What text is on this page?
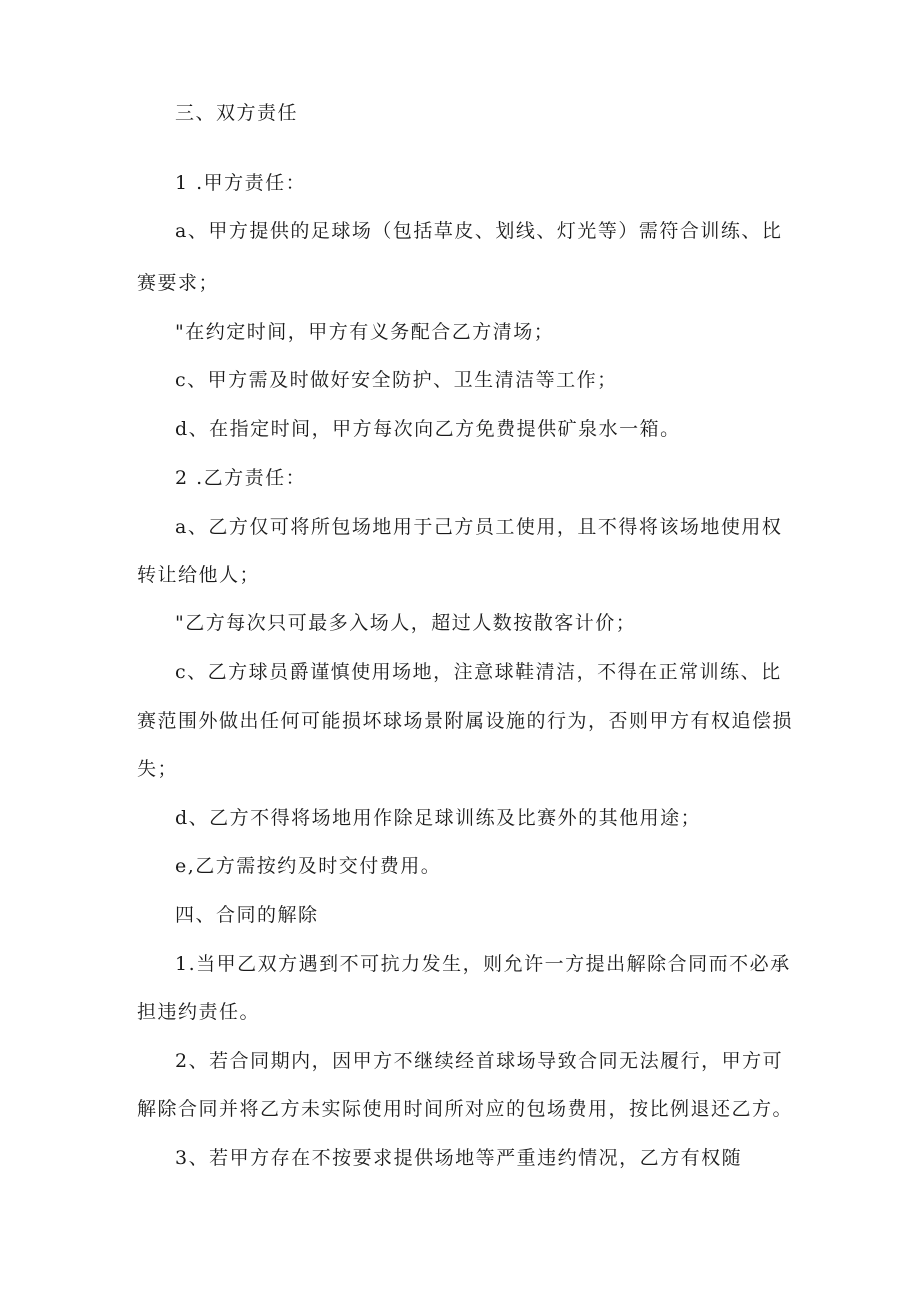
三、双方责任
1 .甲方责任：
a、甲方提供的足球场（包括草皮、划线、灯光等）需符合训练、比
赛要求；
"在约定时间，甲方有义务配合乙方清场；
c、甲方需及时做好安全防护、卫生清洁等工作；
d、在指定时间，甲方每次向乙方免费提供矿泉水一箱。
2 .乙方责任：
a、乙方仅可将所包场地用于己方员工使用，且不得将该场地使用权
转让给他人；
"乙方每次只可最多入场人，超过人数按散客计价；
c、乙方球员爵谨慎使用场地，注意球鞋清洁，不得在正常训练、比
赛范围外做出任何可能损坏球场景附属设施的行为，否则甲方有权追偿损
失；
d、乙方不得将场地用作除足球训练及比赛外的其他用途；
e,乙方需按约及时交付费用。
四、合同的解除
1.当甲乙双方遇到不可抗力发生，则允许一方提出解除合同而不必承
担违约责任。
2、若合同期内，因甲方不继续经首球场导致合同无法履行，甲方可
解除合同并将乙方未实际使用时间所对应的包场费用，按比例退还乙方。
3、若甲方存在不按要求提供场地等严重违约情况，乙方有权随
